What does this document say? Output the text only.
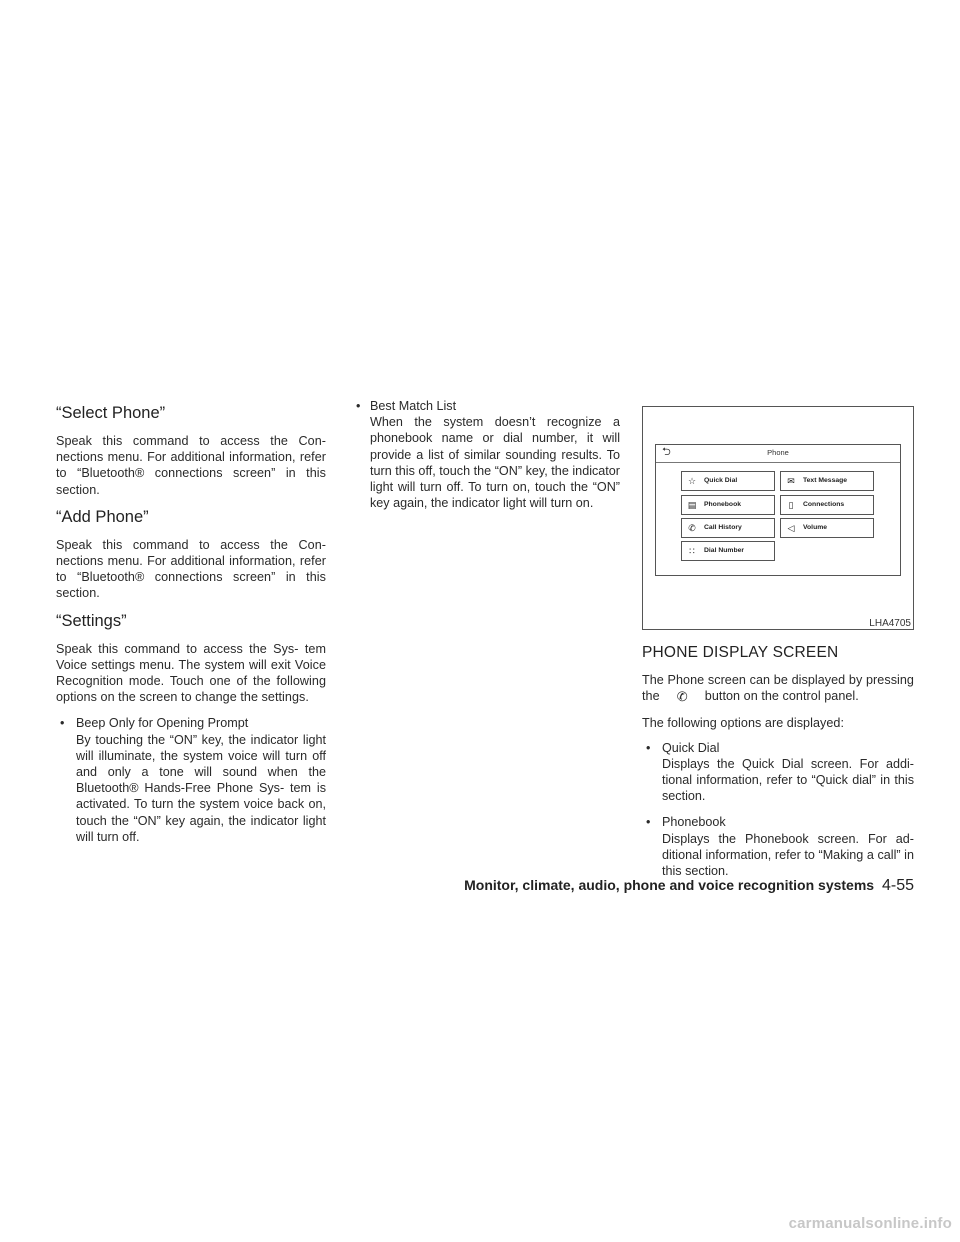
“Select Phone”

Speak this command to access the Con- nections menu. For additional information, refer to “Bluetooth® connections screen” in this section.

“Add Phone”

Speak this command to access the Con- nections menu. For additional information, refer to “Bluetooth® connections screen” in this section.

“Settings”

Speak this command to access the Sys- tem Voice settings menu. The system will exit Voice Recognition mode. Touch one of the following options on the screen to change the settings.

• Beep Only for Opening Prompt
By touching the “ON” key, the indicator light will illuminate, the system voice will turn off and only a tone will sound when the Bluetooth® Hands-Free Phone Sys- tem is activated. To turn the system voice back on, touch the “ON” key again, the indicator light will turn off.
• Best Match List
When the system doesn’t recognize a phonebook name or dial number, it will provide a list of similar sounding results. To turn this off, touch the “ON” key, the indicator light will turn off. To turn on, touch the “ON” key again, the indicator light will turn on.
⮌	Phone
☆ Quick Dial	✉ Text Message
▤ Phonebook	▯	Connections
✆ Call History	◁ Volume
∷	Dial Number
LHA4705
PHONE DISPLAY SCREEN

The Phone screen can be displayed by pressing the ✆ button on the control panel.

The following options are displayed:

• Quick Dial
Displays the Quick Dial screen. For addi- tional information, refer to “Quick dial” in this section.
• Phonebook
Displays the Phonebook screen. For ad- ditional information, refer to “Making a call” in this section.
Monitor, climate, audio, phone and voice recognition systems 4-55
carmanualsonline.info
